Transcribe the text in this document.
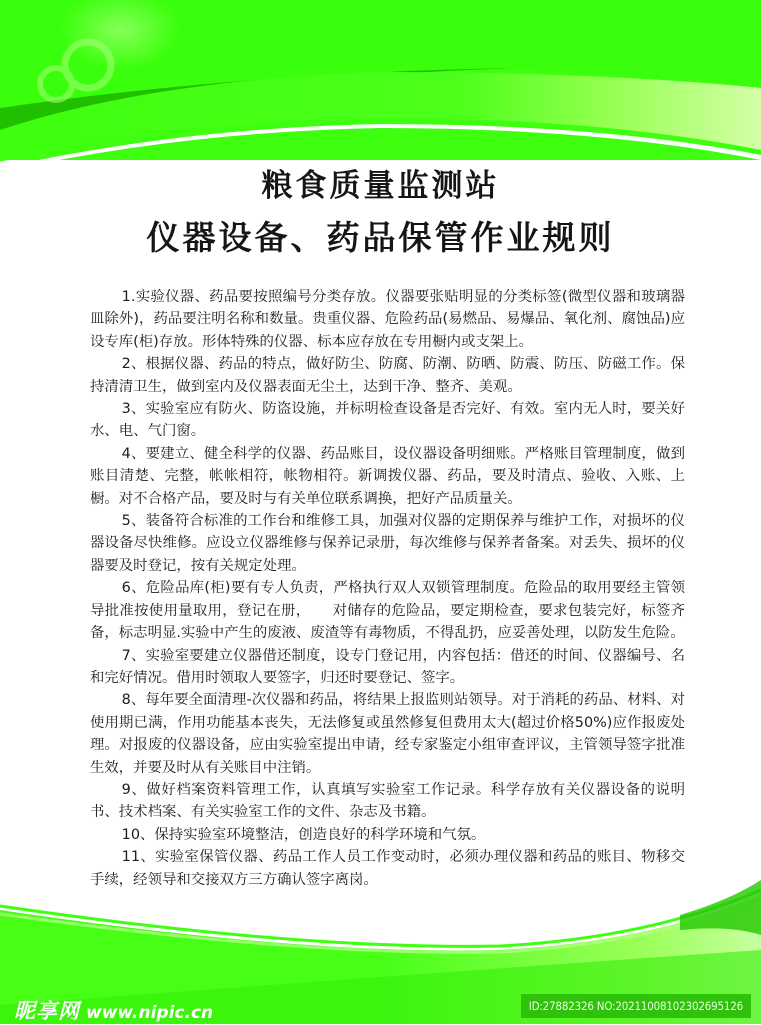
粮食质量监测站
仪器设备、药品保管作业规则

1.实验仪器、药品要按照编号分类存放。仪器要张贴明显的分类标签(微型仪器和玻璃器皿除外)，药品要注明名称和数量。贵重仪器、危险药品(易燃品、易爆品、氧化剂、腐蚀品)应设专库(柜)存放。形体特殊的仪器、标本应存放在专用橱内或支架上。

2、根据仪器、药品的特点，做好防尘、防腐、防潮、防晒、防震、防压、防磁工作。保持清清卫生，做到室内及仪器表面无尘土，达到干净、整齐、美观。

3、实验室应有防火、防盗设施，并标明检查设备是否完好、有效。室内无人时，要关好水、电、气门窗。

4、要建立、健全科学的仪器、药品账目，设仪器设备明细账。严格账目管理制度，做到账目清楚、完整，帐帐相符，帐物相符。新调拨仪器、药品，要及时清点、验收、入账、上橱。对不合格产品，要及时与有关单位联系调换，把好产品质量关。

5、装备符合标准的工作台和维修工具，加强对仪器的定期保养与维护工作，对损坏的仪器设备尽快维修。应设立仪器维修与保养记录册，每次维修与保养者备案。对丢失、损坏的仪器要及时登记，按有关规定处理。

6、危险品库(柜)要有专人负责，严格执行双人双锁管理制度。危险品的取用要经主管领导批准按使用量取用，登记在册，　　对储存的危险品，要定期检查，要求包装完好，标签齐备，标志明显.实验中产生的废液、废渣等有毒物质，不得乱扔，应妥善处理，以防发生危险。

7、实验室要建立仪器借还制度，设专门登记用，内容包括：借还的时间、仪器编号、名和完好情况。借用时领取人要签字，归还时要登记、签字。

8、每年要全面清理-次仪器和药品，将结果上报监则站领导。对于消耗的药品、材料、对使用期已满，作用功能基本丧失，无法修复或虽然修复但费用太大(超过价格50%)应作报废处理。对报废的仪器设备，应由实验室提出申请，经专家鉴定小组审查评议，主管领导签字批准生效，并要及时从有关账目中注销。

9、做好档案资料管理工作，认真填写实验室工作记录。科学存放有关仪器设备的说明书、技术档案、有关实验室工作的文件、杂志及书籍。

10、保持实验室环境整洁，创造良好的科学环境和气氛。

11、实验室保管仪器、药品工作人员工作变动时，必须办理仪器和药品的账目、物移交手续，经领导和交接双方三方确认签字离岗。

昵享网 www.nipic.cn	ID:27882326 NO:20211008102302695126
